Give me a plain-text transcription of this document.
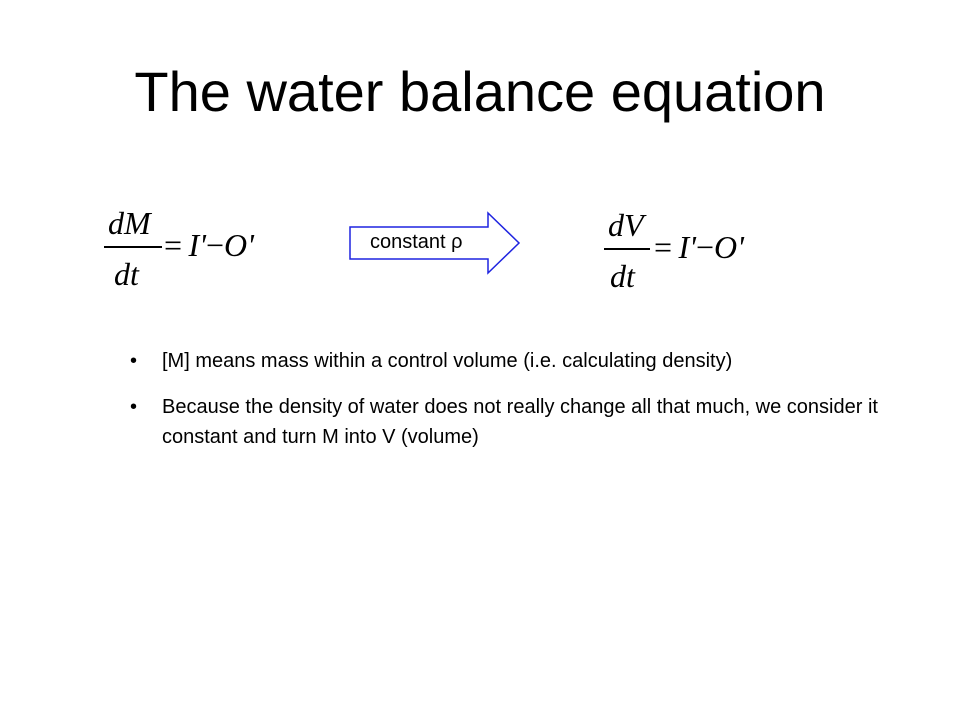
The water balance equation
dM
dt
=  I'−O'	constant ρ	dV
dt
=  I'−O'
• [M] means mass within a control volume (i.e. calculating density)
• Because the density of water does not really change all that much, we consider it constant and turn M into V (volume)
